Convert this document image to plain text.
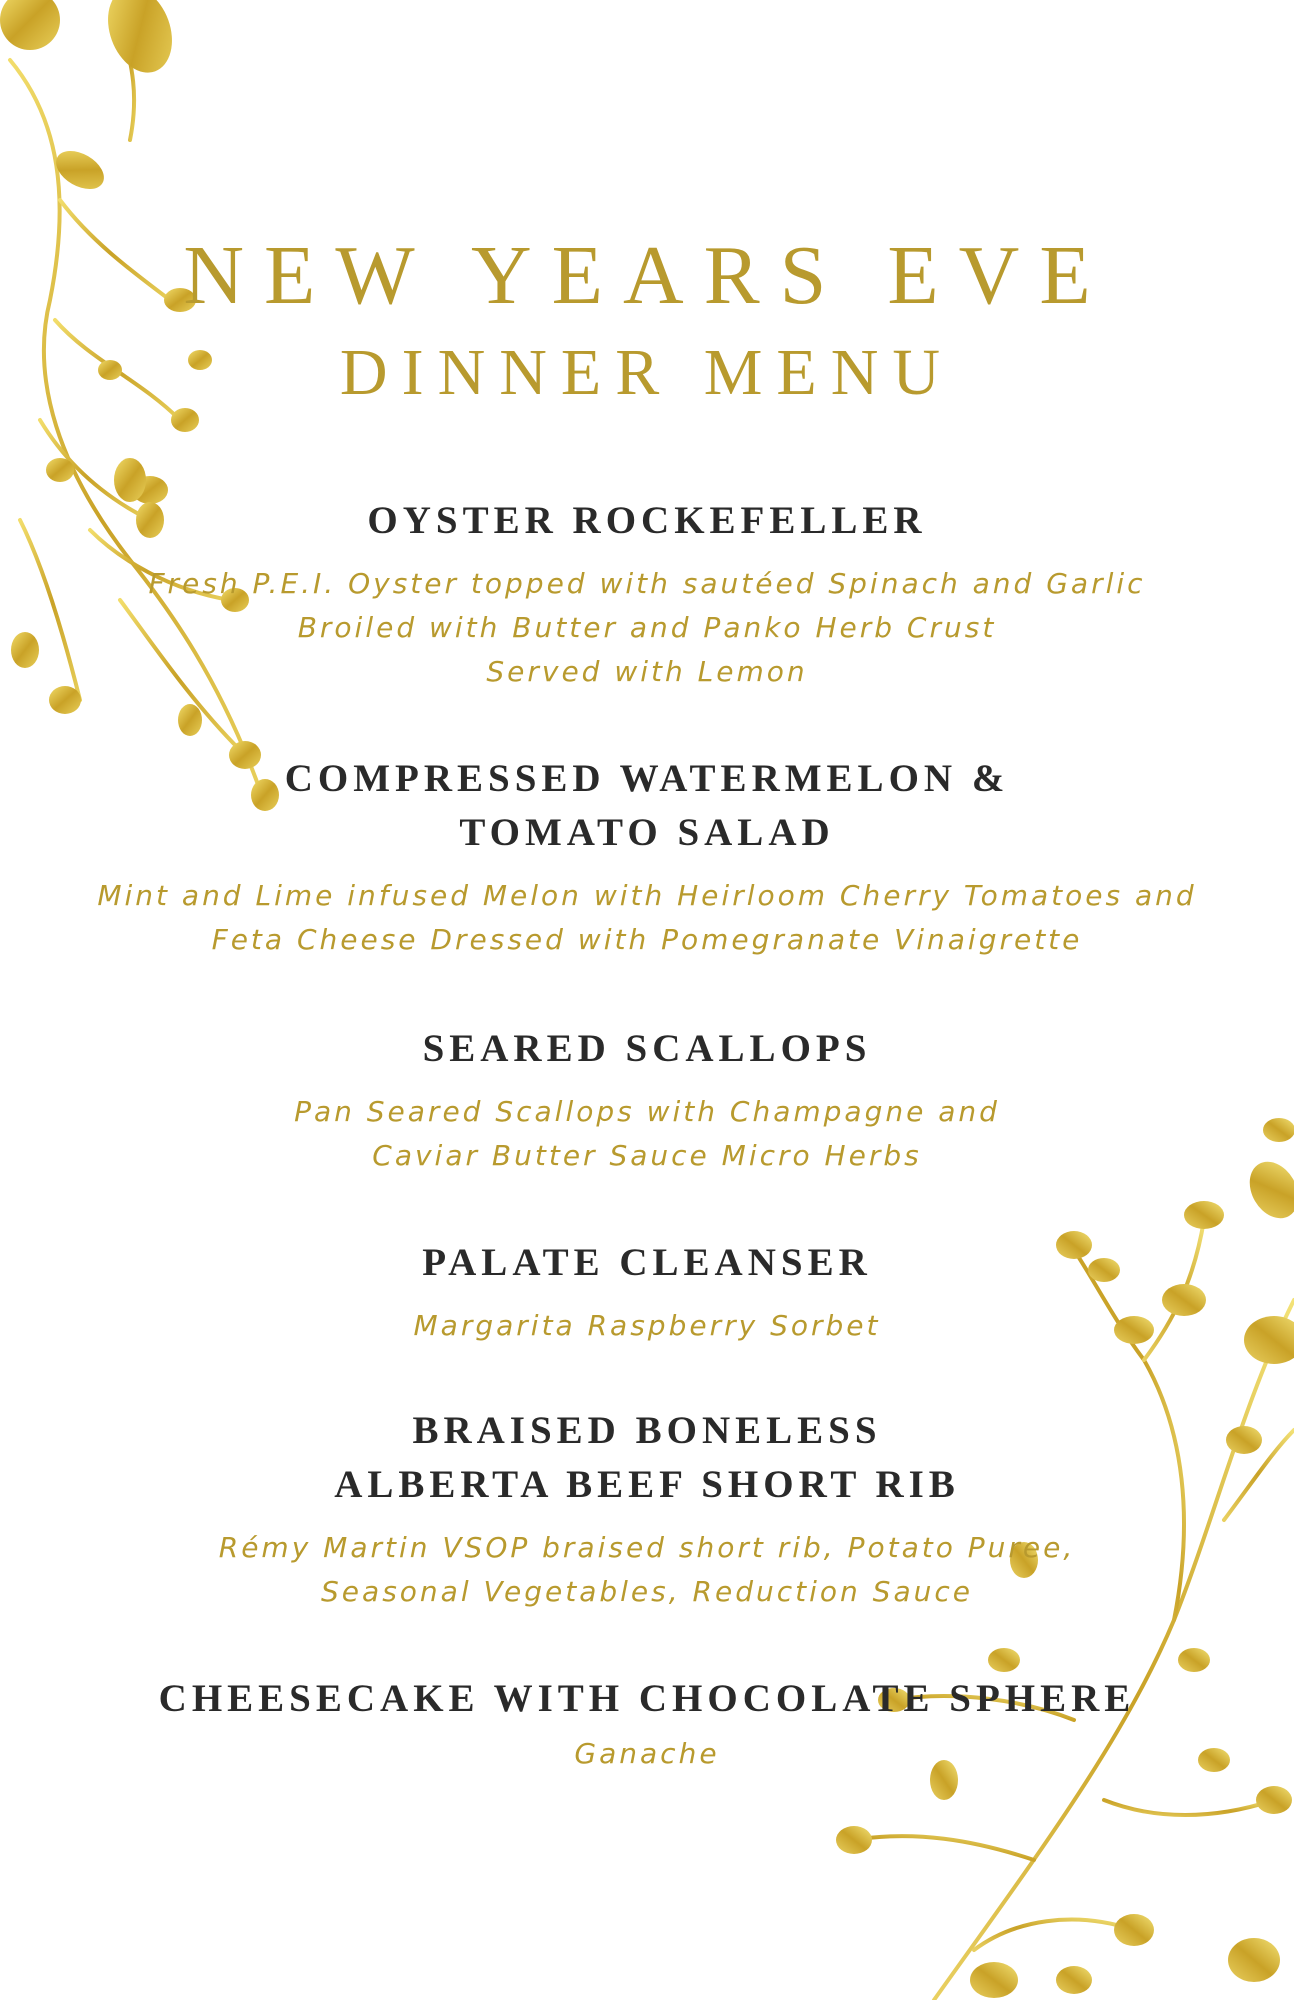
NEW YEARS EVE
DINNER MENU
OYSTER ROCKEFELLER

Fresh P.E.I. Oyster topped with sautéed Spinach and Garlic
Broiled with Butter and Panko Herb Crust
Served with Lemon

COMPRESSED WATERMELON &
TOMATO SALAD

Mint and Lime infused Melon with Heirloom Cherry Tomatoes and
Feta Cheese Dressed with Pomegranate Vinaigrette

SEARED SCALLOPS

Pan Seared Scallops with Champagne and
Caviar Butter Sauce Micro Herbs

PALATE CLEANSER

Margarita Raspberry Sorbet

BRAISED BONELESS
ALBERTA BEEF SHORT RIB

Rémy Martin VSOP braised short rib, Potato Puree,
Seasonal Vegetables, Reduction Sauce

CHEESECAKE WITH CHOCOLATE SPHERE

Ganache
